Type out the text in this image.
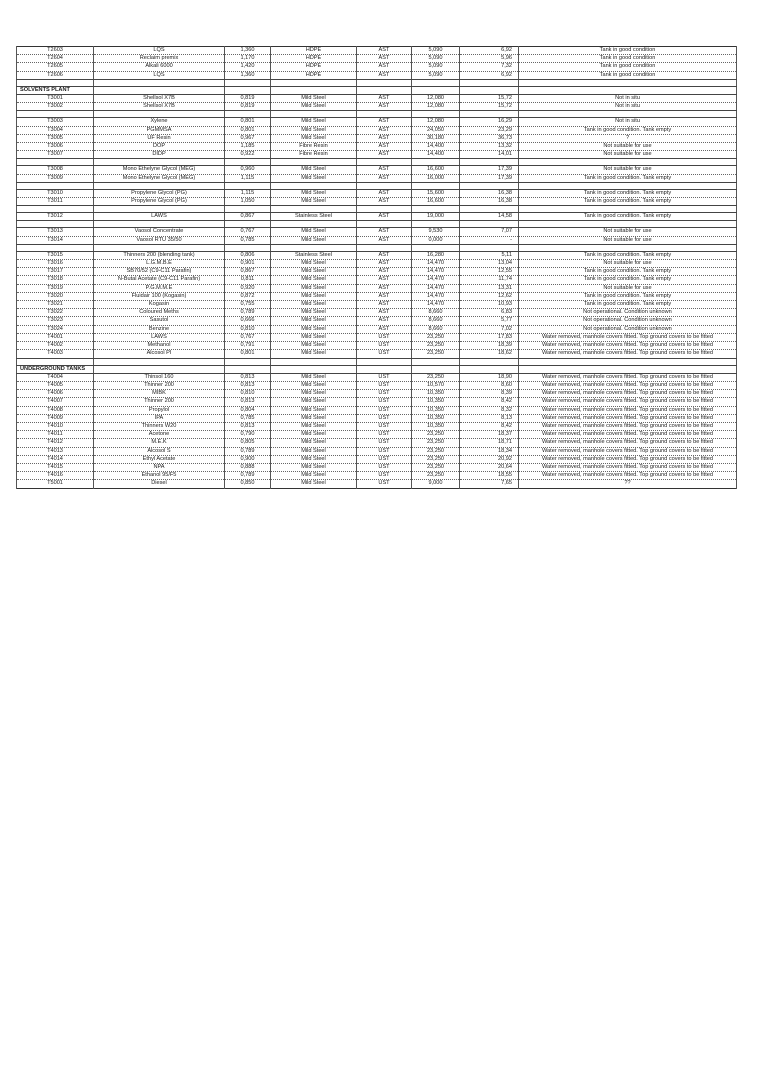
T2603	LQS	1,360	HDPE	AST	5,090	6,92	Tank in good condition
T2604	Reclaim premix	1,170	HDPE	AST	5,090	5,96	Tank in good condition
T2605	Alkali 6000	1,420	HDPE	AST	5,090	7,32	Tank in good condition
T2606	LQS	1,360	HDPE	AST	5,090	6,92	Tank in good condition

SOLVENTS PLANT							
T3001	Shellsol X7B	0,819	Mild Steel	AST	12,080	15,72	Not in situ
T3002	Shellsol X7B	0,819	Mild Steel	AST	12,080	15,72	Not in situ

T3003	Xylene	0,801	Mild Steel	AST	12,080	16,29	Not in situ
T3004	PGMMSA	0,801	Mild Steel	AST	24,050	23,29	Tank in good condition. Tank empty
T3005	UF Resin	0,967	Mild Steel	AST	30,180	36,73	?
T3006	DOP	1,185	Fibre Resin	AST	14,400	13,32	Not suitable for use
T3007	DIDP	0,922	Fibre Resin	AST	14,400	14,01	Not suitable for use

T3008	Mono Ethelyne Glycol (MEG)	0,960	Mild Steel	AST	16,600	17,39	Not suitable for use
T3009	Mono Ethelyne Glycol (MEG)	1,115	Mild Steel	AST	16,000	17,39	Tank in good condition. Tank empty

T3010	Propylene Glycol (PG)	1,115	Mild Steel	AST	15,600	16,38	Tank in good condition. Tank empty
T3011	Propylene Glycol (PG)	1,050	Mild Steel	AST	16,600	16,38	Tank in good condition. Tank empty

T3012	LAWS	0,867	Stainless Steel	AST	19,000	14,58	Tank in good condition. Tank empty

T3013	Vaosol Concentrate	0,767	Mild Steel	AST	9,530	7,07	Not suitable for use
T3014	Vaosol RTU 35/50	0,785	Mild Steel	AST	0,000	-	Not suitable for use

T3015	Thinners 200 (blending tank)	0,806	Stainless Steel	AST	16,280	5,11	Tank in good condition. Tank empty
T3016	L.G.M.B.E	0,901	Mild Steel	AST	14,470	13,04	Not suitable for use
T3017	SB70/52 (C9-C11 Parafin)	0,867	Mild Steel	AST	14,470	12,55	Tank in good condition. Tank empty
T3018	N-Butal Acetate (C9-C11 Parafin)	0,811	Mild Steel	AST	14,470	11,74	Tank in good condition. Tank empty
T3019	P.G.M.M.E	0,920	Mild Steel	AST	14,470	13,31	Not suitable for use
T3020	Fluidair 100 (Kogasin)	0,872	Mild Steel	AST	14,470	12,62	Tank in good condition. Tank empty
T3021	Kogasin	0,755	Mild Steel	AST	14,470	10,93	Tank in good condition. Tank empty
T3022	Coloured Meths	0,789	Mild Steel	AST	8,660	6,83	Not operational. Condition unknown
T3023	Sasutol	0,666	Mild Steel	AST	8,660	5,77	Not operational. Condition unknown
T3024	Benzine	0,810	Mild Steel	AST	8,660	7,02	Not operational. Condition unknown
T4001	LAWS	0,767	Mild Steel	UST	23,250	17,83	Water removed, manhole covers fitted. Top ground covers to be fitted
T4002	Methanol	0,791	Mild Steel	UST	23,250	18,39	Water removed, manhole covers fitted. Top ground covers to be fitted
T4003	Alcosol PI	0,801	Mild Steel	UST	23,250	18,62	Water removed, manhole covers fitted. Top ground covers to be fitted

UNDERGROUND TANKS							
T4004	Thinsol 160	0,813	Mild Steel	UST	23,250	18,90	Water removed, manhole covers fitted. Top ground covers to be fitted
T4005	Thinner 200	0,813	Mild Steel	UST	10,570	8,60	Water removed, manhole covers fitted. Top ground covers to be fitted
T4006	MIBK	0,810	Mild Steel	UST	10,350	8,39	Water removed, manhole covers fitted. Top ground covers to be fitted
T4007	Thinner 200	0,813	Mild Steel	UST	10,350	8,42	Water removed, manhole covers fitted. Top ground covers to be fitted
T4008	Propylol	0,804	Mild Steel	UST	10,350	8,32	Water removed, manhole covers fitted. Top ground covers to be fitted
T4009	IPA	0,785	Mild Steel	UST	10,350	8,13	Water removed, manhole covers fitted. Top ground covers to be fitted
T4010	Thinners W20	0,813	Mild Steel	UST	10,350	8,42	Water removed, manhole covers fitted. Top ground covers to be fitted
T4011	Acetone	0,790	Mild Steel	UST	23,250	18,37	Water removed, manhole covers fitted. Top ground covers to be fitted
T4012	M.E.K	0,805	Mild Steel	UST	23,250	18,71	Water removed, manhole covers fitted. Top ground covers to be fitted
T4013	Alcosol S	0,789	Mild Steel	UST	23,250	18,34	Water removed, manhole covers fitted. Top ground covers to be fitted
T4014	Ethyl Acetate	0,900	Mild Steel	UST	23,250	20,92	Water removed, manhole covers fitted. Top ground covers to be fitted
T4015	NPA	0,888	Mild Steel	UST	23,250	20,64	Water removed, manhole covers fitted. Top ground covers to be fitted
T4016	Ethanol 95/F5	0,789	Mild Steel	UST	23,250	18,55	Water removed, manhole covers fitted. Top ground covers to be fitted
T5001	Diesel	0,850	Mild Steel	UST	9,000	7,65	??
